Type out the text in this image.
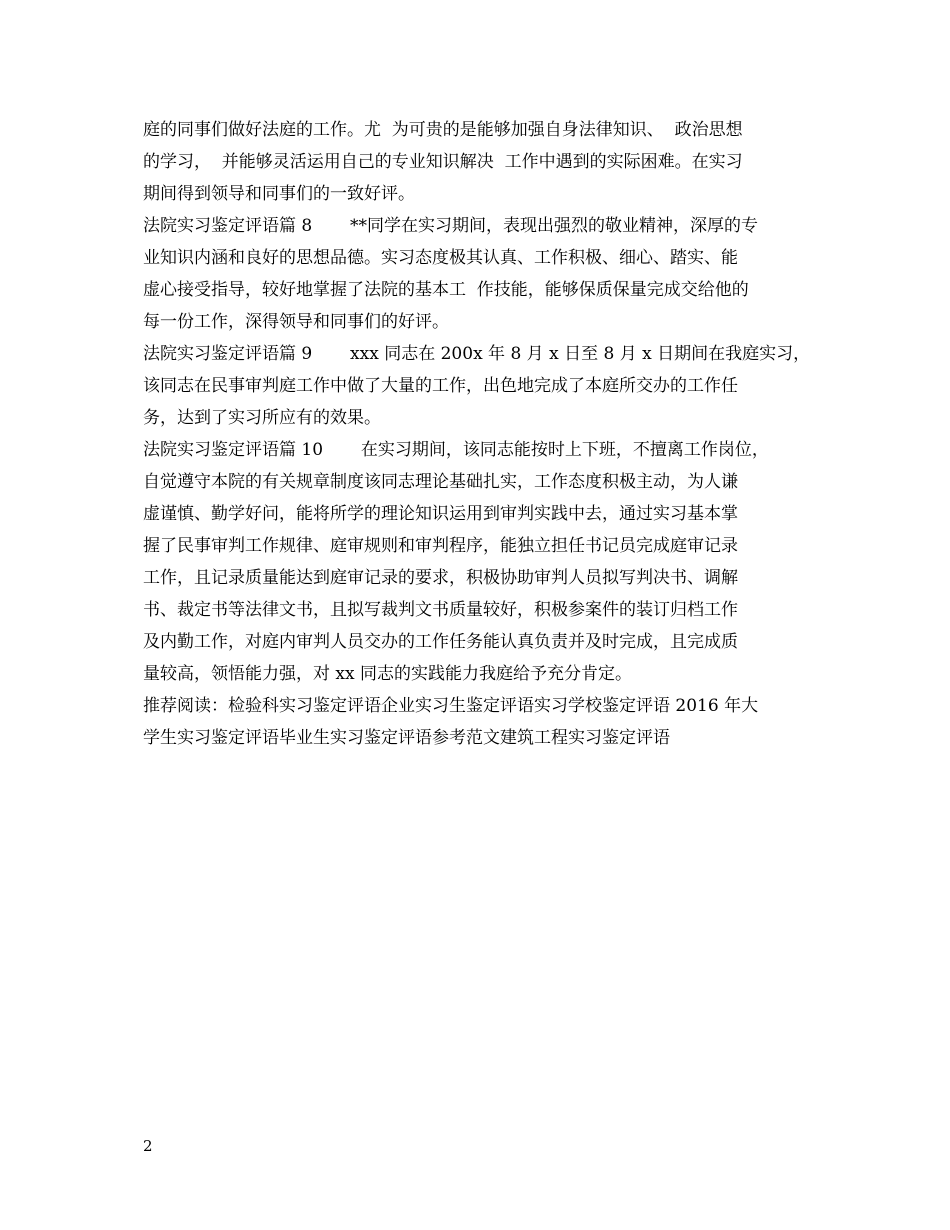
庭的同事们做好法庭的工作。尤  为可贵的是能够加强自身法律知识、  政治思想
的学习，  并能够灵活运用自己的专业知识解决  工作中遇到的实际困难。在实习
期间得到领导和同事们的一致好评。
法院实习鉴定评语篇 8       **同学在实习期间，表现出强烈的敬业精神，深厚的专
业知识内涵和良好的思想品德。实习态度极其认真、工作积极、细心、踏实、能
虚心接受指导，较好地掌握了法院的基本工  作技能，能够保质保量完成交给他的
每一份工作，深得领导和同事们的好评。
法院实习鉴定评语篇 9       xxx 同志在 200x 年 8 月 x 日至 8 月 x 日期间在我庭实习，
该同志在民事审判庭工作中做了大量的工作，出色地完成了本庭所交办的工作任
务，达到了实习所应有的效果。
法院实习鉴定评语篇 10       在实习期间，该同志能按时上下班，不擅离工作岗位，
自觉遵守本院的有关规章制度该同志理论基础扎实，工作态度积极主动，为人谦
虚谨慎、勤学好问，能将所学的理论知识运用到审判实践中去，通过实习基本掌
握了民事审判工作规律、庭审规则和审判程序，能独立担任书记员完成庭审记录
工作，且记录质量能达到庭审记录的要求，积极协助审判人员拟写判决书、调解
书、裁定书等法律文书，且拟写裁判文书质量较好，积极参案件的装订归档工作
及内勤工作，对庭内审判人员交办的工作任务能认真负责并及时完成，且完成质
量较高，领悟能力强，对 xx 同志的实践能力我庭给予充分肯定。
推荐阅读：检验科实习鉴定评语企业实习生鉴定评语实习学校鉴定评语 2016 年大
学生实习鉴定评语毕业生实习鉴定评语参考范文建筑工程实习鉴定评语
2
